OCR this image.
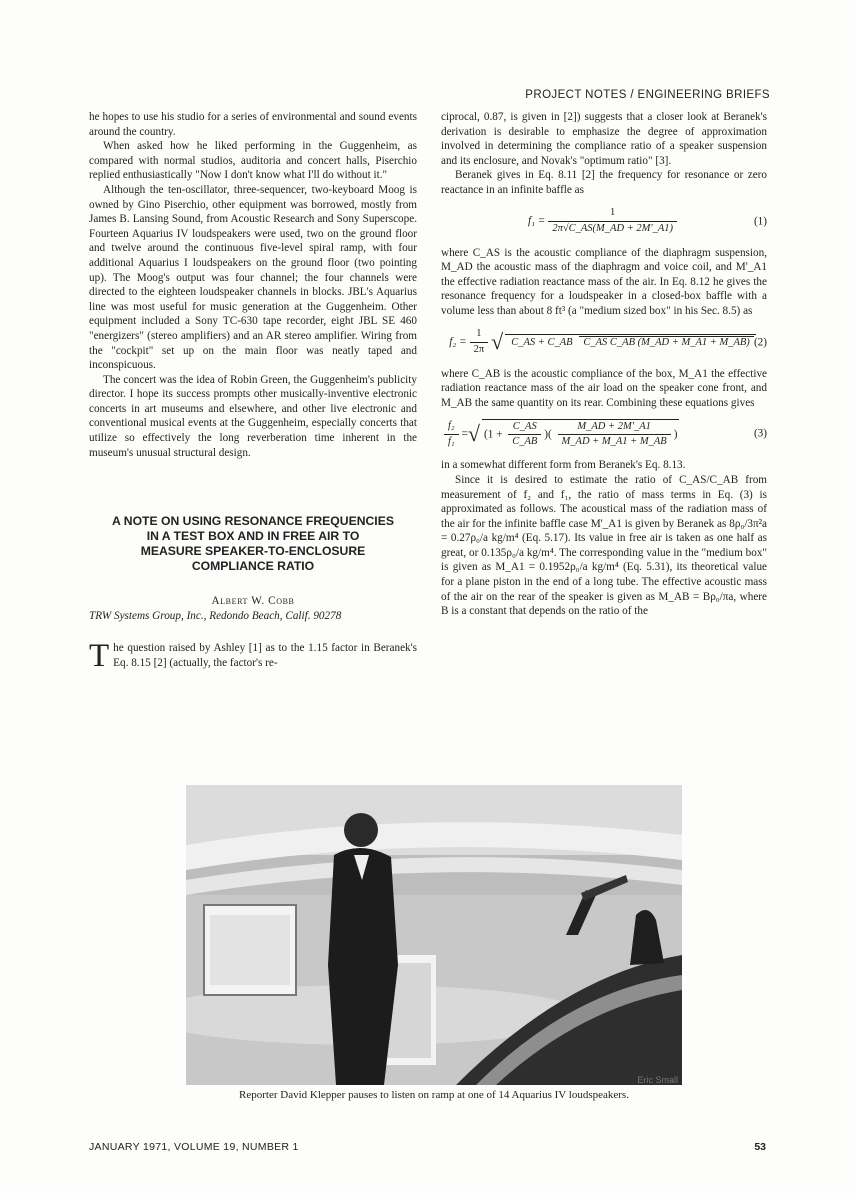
PROJECT NOTES / ENGINEERING BRIEFS

he hopes to use his studio for a series of environmental and sound events around the country.

When asked how he liked performing in the Guggenheim, as compared with normal studios, auditoria and concert halls, Piserchio replied enthusiastically "Now I don't know what I'll do without it."

Although the ten-oscillator, three-sequencer, two-keyboard Moog is owned by Gino Piserchio, other equipment was borrowed, mostly from James B. Lansing Sound, from Acoustic Research and Sony Superscope. Fourteen Aquarius IV loudspeakers were used, two on the ground floor and twelve around the continuous five-level spiral ramp, with four additional Aquarius I loudspeakers on the ground floor (two pointing up). The Moog's output was four channel; the four channels were directed to the eighteen loudspeaker channels in blocks. JBL's Aquarius line was most useful for music generation at the Guggenheim. Other equipment included a Sony TC-630 tape recorder, eight JBL SE 460 "energizers" (stereo amplifiers) and an AR stereo amplifier. Wiring from the "cockpit" set up on the main floor was neatly taped and inconspicuous.

The concert was the idea of Robin Green, the Guggenheim's publicity director. I hope its success prompts other musically-inventive electronic concerts in art museums and elsewhere, and other live electronic and conventional musical events at the Guggenheim, especially concerts that utilize so effectively the long reverberation time inherent in the museum's unusual structural design.

A NOTE ON USING RESONANCE FREQUENCIES
IN A TEST BOX AND IN FREE AIR TO
MEASURE SPEAKER-TO-ENCLOSURE
COMPLIANCE RATIO
Albert W. Cobb

TRW Systems Group, Inc., Redondo Beach, Calif. 90278

The question raised by Ashley [1] as to the 1.15 factor in Beranek's Eq. 8.15 [2] (actually, the factor's re-

ciprocal, 0.87, is given in [2]) suggests that a closer look at Beranek's derivation is desirable to emphasize the degree of approximation involved in determining the compliance ratio of a speaker suspension and its enclosure, and Novak's "optimum ratio" [3].

Beranek gives in Eq. 8.11 [2] the frequency for resonance or zero reactance in an infinite baffle as

$f_1 = \frac{1}{2\pi√C\_AS(M\_AD + 2M'\_A1)}$	(1)

where C_AS is the acoustic compliance of the diaphragm suspension, M_AD the acoustic mass of the diaphragm and voice coil, and M'_A1 the effective radiation reactance mass of the air. In Eq. 8.12 he gives the resonance frequency for a loudspeaker in a closed-box baffle with a volume less than about 8 ft³ (a "medium sized box" in his Sec. 8.5) as

$f_2 = \frac{1}{2\pi}$ √ C_AS + C_AB C_AS C_AB (M_AD + M_A1 + M_AB) (2)

where C_AB is the acoustic compliance of the box, M_A1 the effective radiation reactance mass of the air load on the speaker cone front, and M_AB the same quantity on its rear. Combining these equations gives

$\frac{\text{f₂}}{\text{f₁}}$ = √ ($1 + \frac{C\_AS}{C\_AB}$ )( $\frac{M\_AD + 2M'\_A1}{M\_AD + M\_A1 + M\_AB}$ )	(3)

in a somewhat different form from Beranek's Eq. 8.13.

Since it is desired to estimate the ratio of C_AS/C_AB from measurement of f₂ and f₁, the ratio of mass terms in Eq. (3) is approximated as follows. The acoustical mass of the radiation mass of the air for the infinite baffle case M'_A1 is given by Beranek as 8ρ₀/3π²a = 0.27ρ₀/a kg/m⁴ (Eq. 5.17). Its value in free air is taken as one half as great, or 0.135ρ₀/a kg/m⁴. The corresponding value in the "medium box" is given as M_A1 = 0.1952ρ₀/a kg/m⁴ (Eq. 5.31), its theoretical value for a plane piston in the end of a long tube. The effective acoustic mass of the air on the rear of the speaker is given as M_AB = Bρ₀/πa, where B is a constant that depends on the ratio of the

Eric Small
Reporter David Klepper pauses to listen on ramp at one of 14 Aquarius IV loudspeakers.
JANUARY 1971, VOLUME 19, NUMBER 1	53
